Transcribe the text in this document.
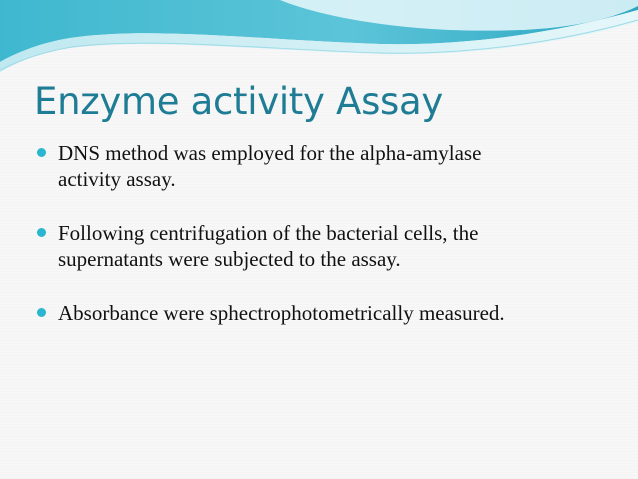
Enzyme activity Assay
DNS method was employed for the alpha-amylase
activity assay.
Following centrifugation of the bacterial cells, the
supernatants were subjected to the assay.
Absorbance were sphectrophotometrically measured.
